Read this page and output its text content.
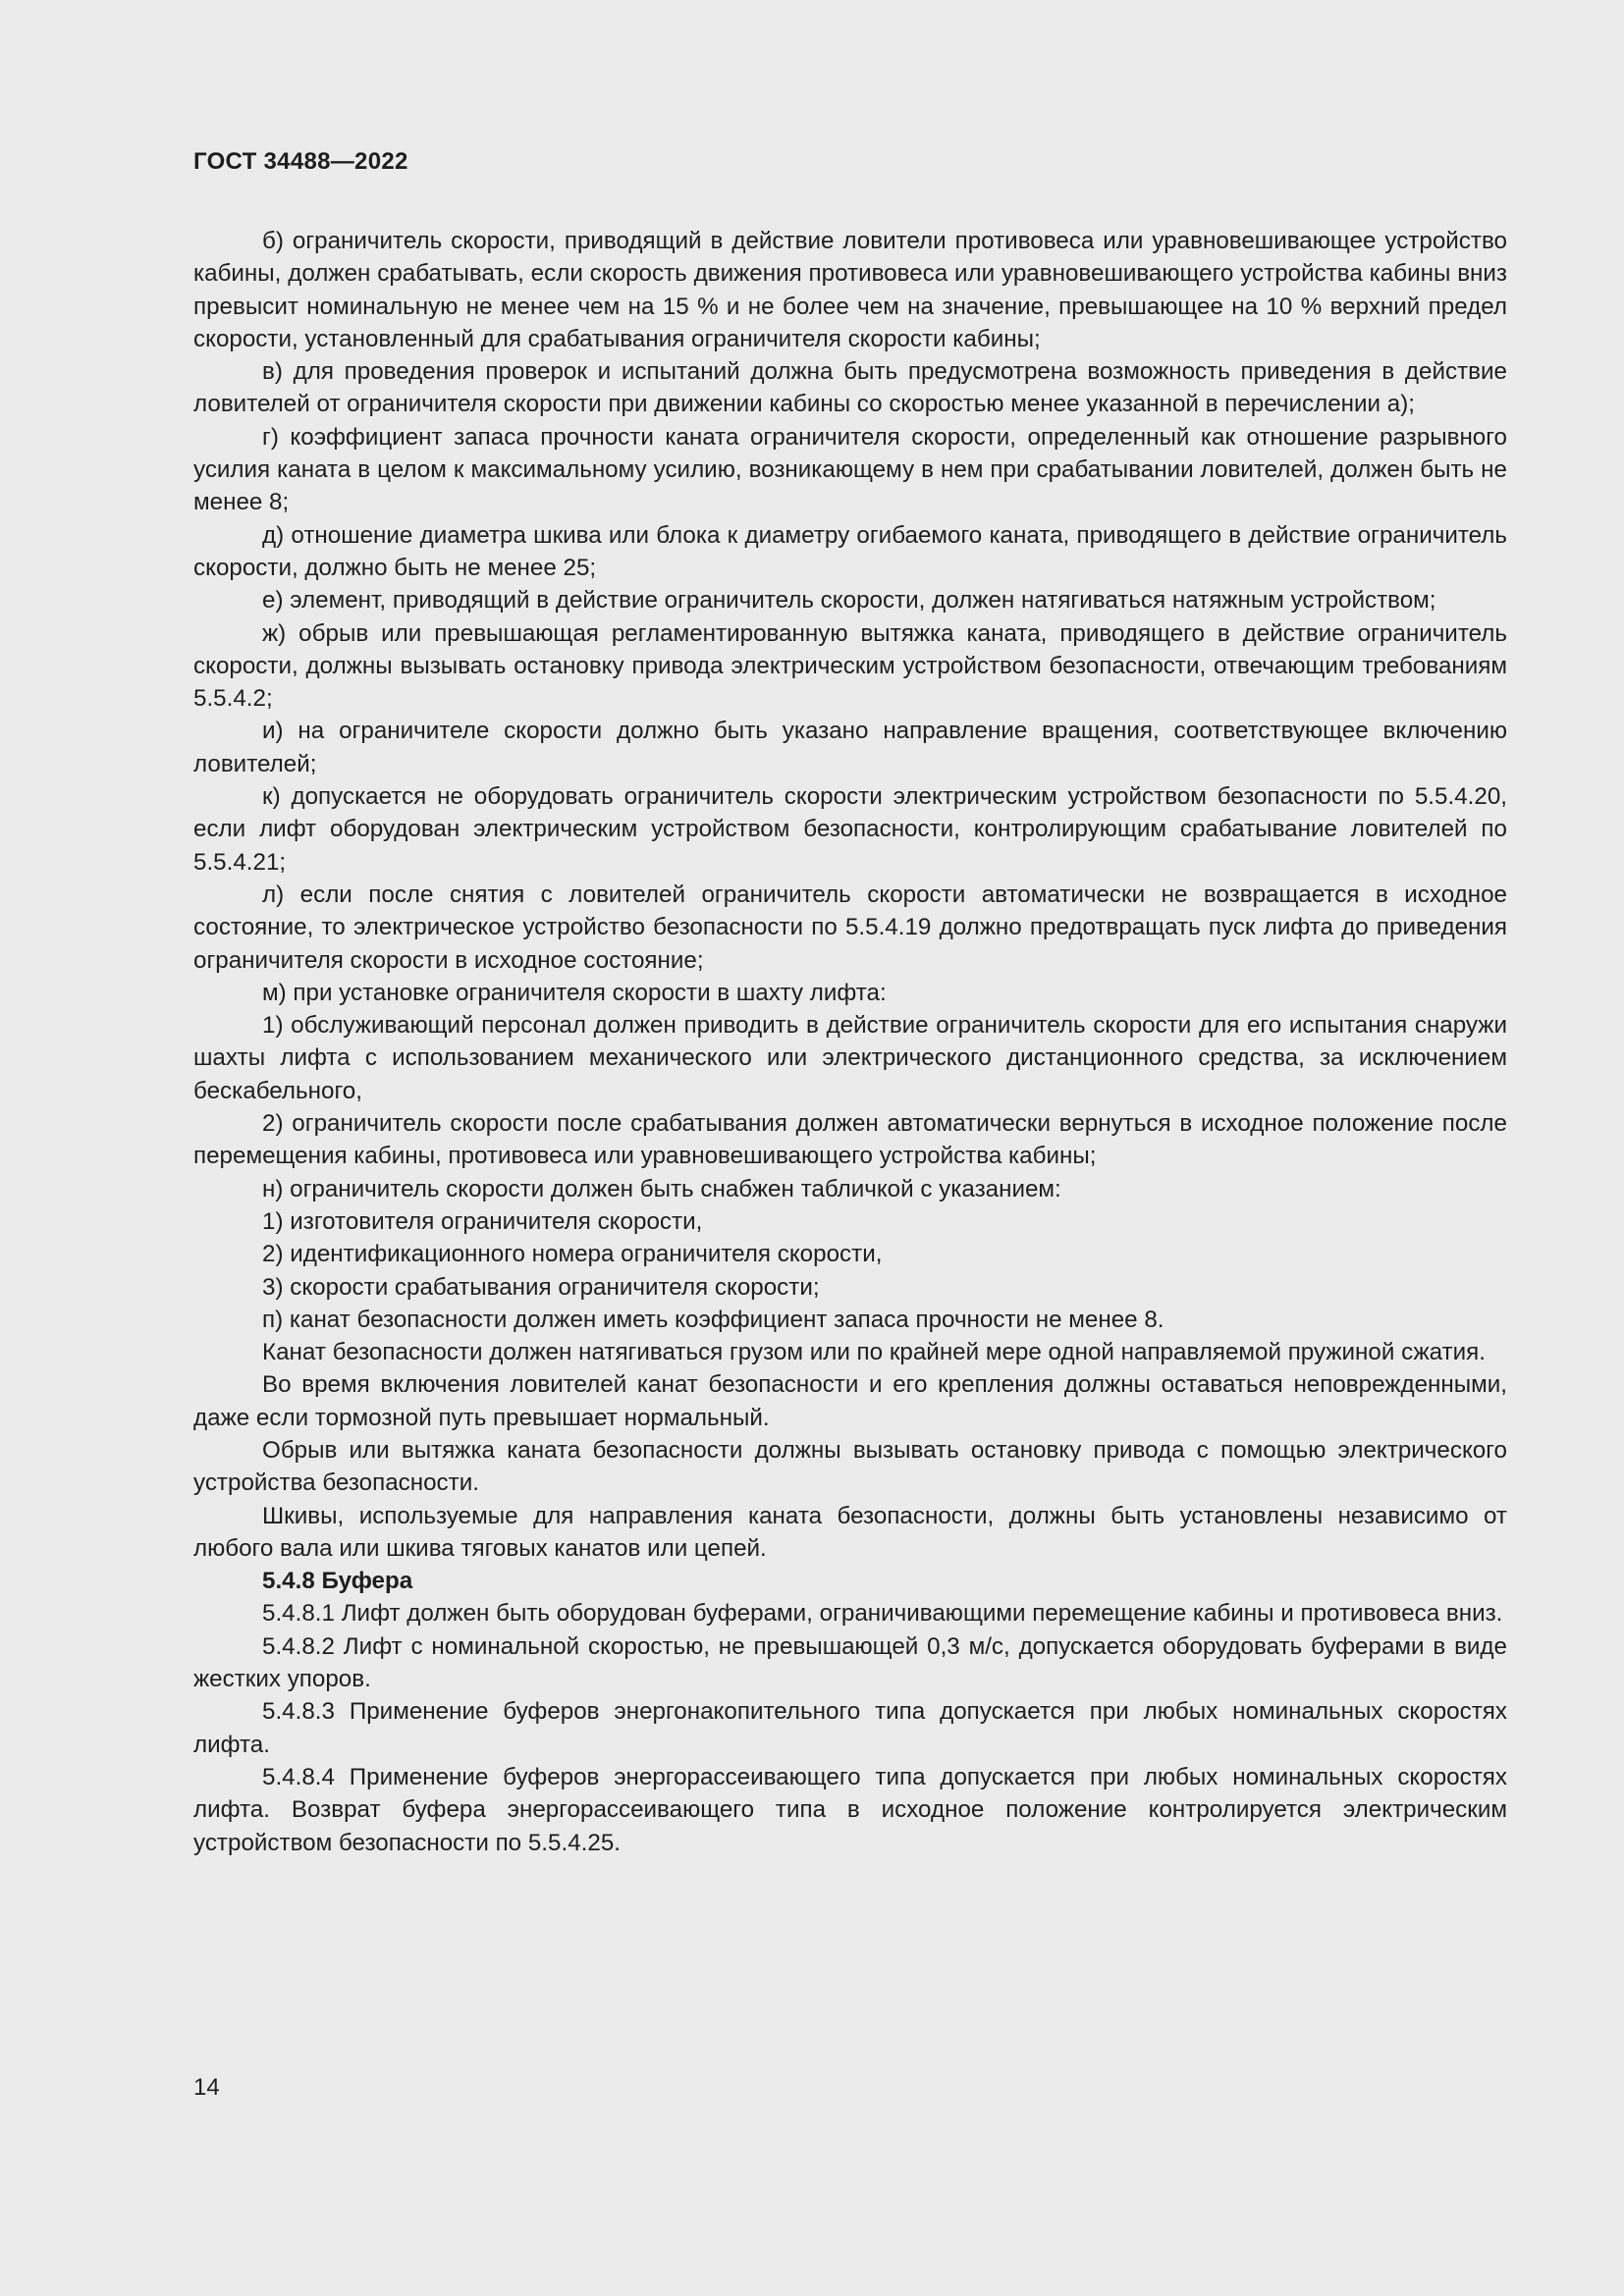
ГОСТ 34488—2022

б) ограничитель скорости, приводящий в действие ловители противовеса или уравновешивающее устройство кабины, должен срабатывать, если скорость движения противовеса или уравновешивающего устройства кабины вниз превысит номинальную не менее чем на 15 % и не более чем на значение, превышающее на 10 % верхний предел скорости, установленный для срабатывания ограничителя скорости кабины;

в) для проведения проверок и испытаний должна быть предусмотрена возможность приведения в действие ловителей от ограничителя скорости при движении кабины со скоростью менее указанной в перечислении а);

г) коэффициент запаса прочности каната ограничителя скорости, определенный как отношение разрывного усилия каната в целом к максимальному усилию, возникающему в нем при срабатывании ловителей, должен быть не менее 8;

д) отношение диаметра шкива или блока к диаметру огибаемого каната, приводящего в действие ограничитель скорости, должно быть не менее 25;

е) элемент, приводящий в действие ограничитель скорости, должен натягиваться натяжным устройством;

ж) обрыв или превышающая регламентированную вытяжка каната, приводящего в действие ограничитель скорости, должны вызывать остановку привода электрическим устройством безопасности, отвечающим требованиям 5.5.4.2;

и) на ограничителе скорости должно быть указано направление вращения, соответствующее включению ловителей;

к) допускается не оборудовать ограничитель скорости электрическим устройством безопасности по 5.5.4.20, если лифт оборудован электрическим устройством безопасности, контролирующим срабатывание ловителей по 5.5.4.21;

л) если после снятия с ловителей ограничитель скорости автоматически не возвращается в исходное состояние, то электрическое устройство безопасности по 5.5.4.19 должно предотвращать пуск лифта до приведения ограничителя скорости в исходное состояние;

м) при установке ограничителя скорости в шахту лифта:

1) обслуживающий персонал должен приводить в действие ограничитель скорости для его испытания снаружи шахты лифта с использованием механического или электрического дистанционного средства, за исключением бескабельного,

2) ограничитель скорости после срабатывания должен автоматически вернуться в исходное положение после перемещения кабины, противовеса или уравновешивающего устройства кабины;

н) ограничитель скорости должен быть снабжен табличкой с указанием:

1) изготовителя ограничителя скорости,

2) идентификационного номера ограничителя скорости,

3) скорости срабатывания ограничителя скорости;

п) канат безопасности должен иметь коэффициент запаса прочности не менее 8.

Канат безопасности должен натягиваться грузом или по крайней мере одной направляемой пружиной сжатия.

Во время включения ловителей канат безопасности и его крепления должны оставаться неповрежденными, даже если тормозной путь превышает нормальный.

Обрыв или вытяжка каната безопасности должны вызывать остановку привода с помощью электрического устройства безопасности.

Шкивы, используемые для направления каната безопасности, должны быть установлены независимо от любого вала или шкива тяговых канатов или цепей.

5.4.8 Буфера

5.4.8.1 Лифт должен быть оборудован буферами, ограничивающими перемещение кабины и противовеса вниз.

5.4.8.2 Лифт с номинальной скоростью, не превышающей 0,3 м/с, допускается оборудовать буферами в виде жестких упоров.

5.4.8.3 Применение буферов энергонакопительного типа допускается при любых номинальных скоростях лифта.

5.4.8.4 Применение буферов энергорассеивающего типа допускается при любых номинальных скоростях лифта. Возврат буфера энергорассеивающего типа в исходное положение контролируется электрическим устройством безопасности по 5.5.4.25.

14
